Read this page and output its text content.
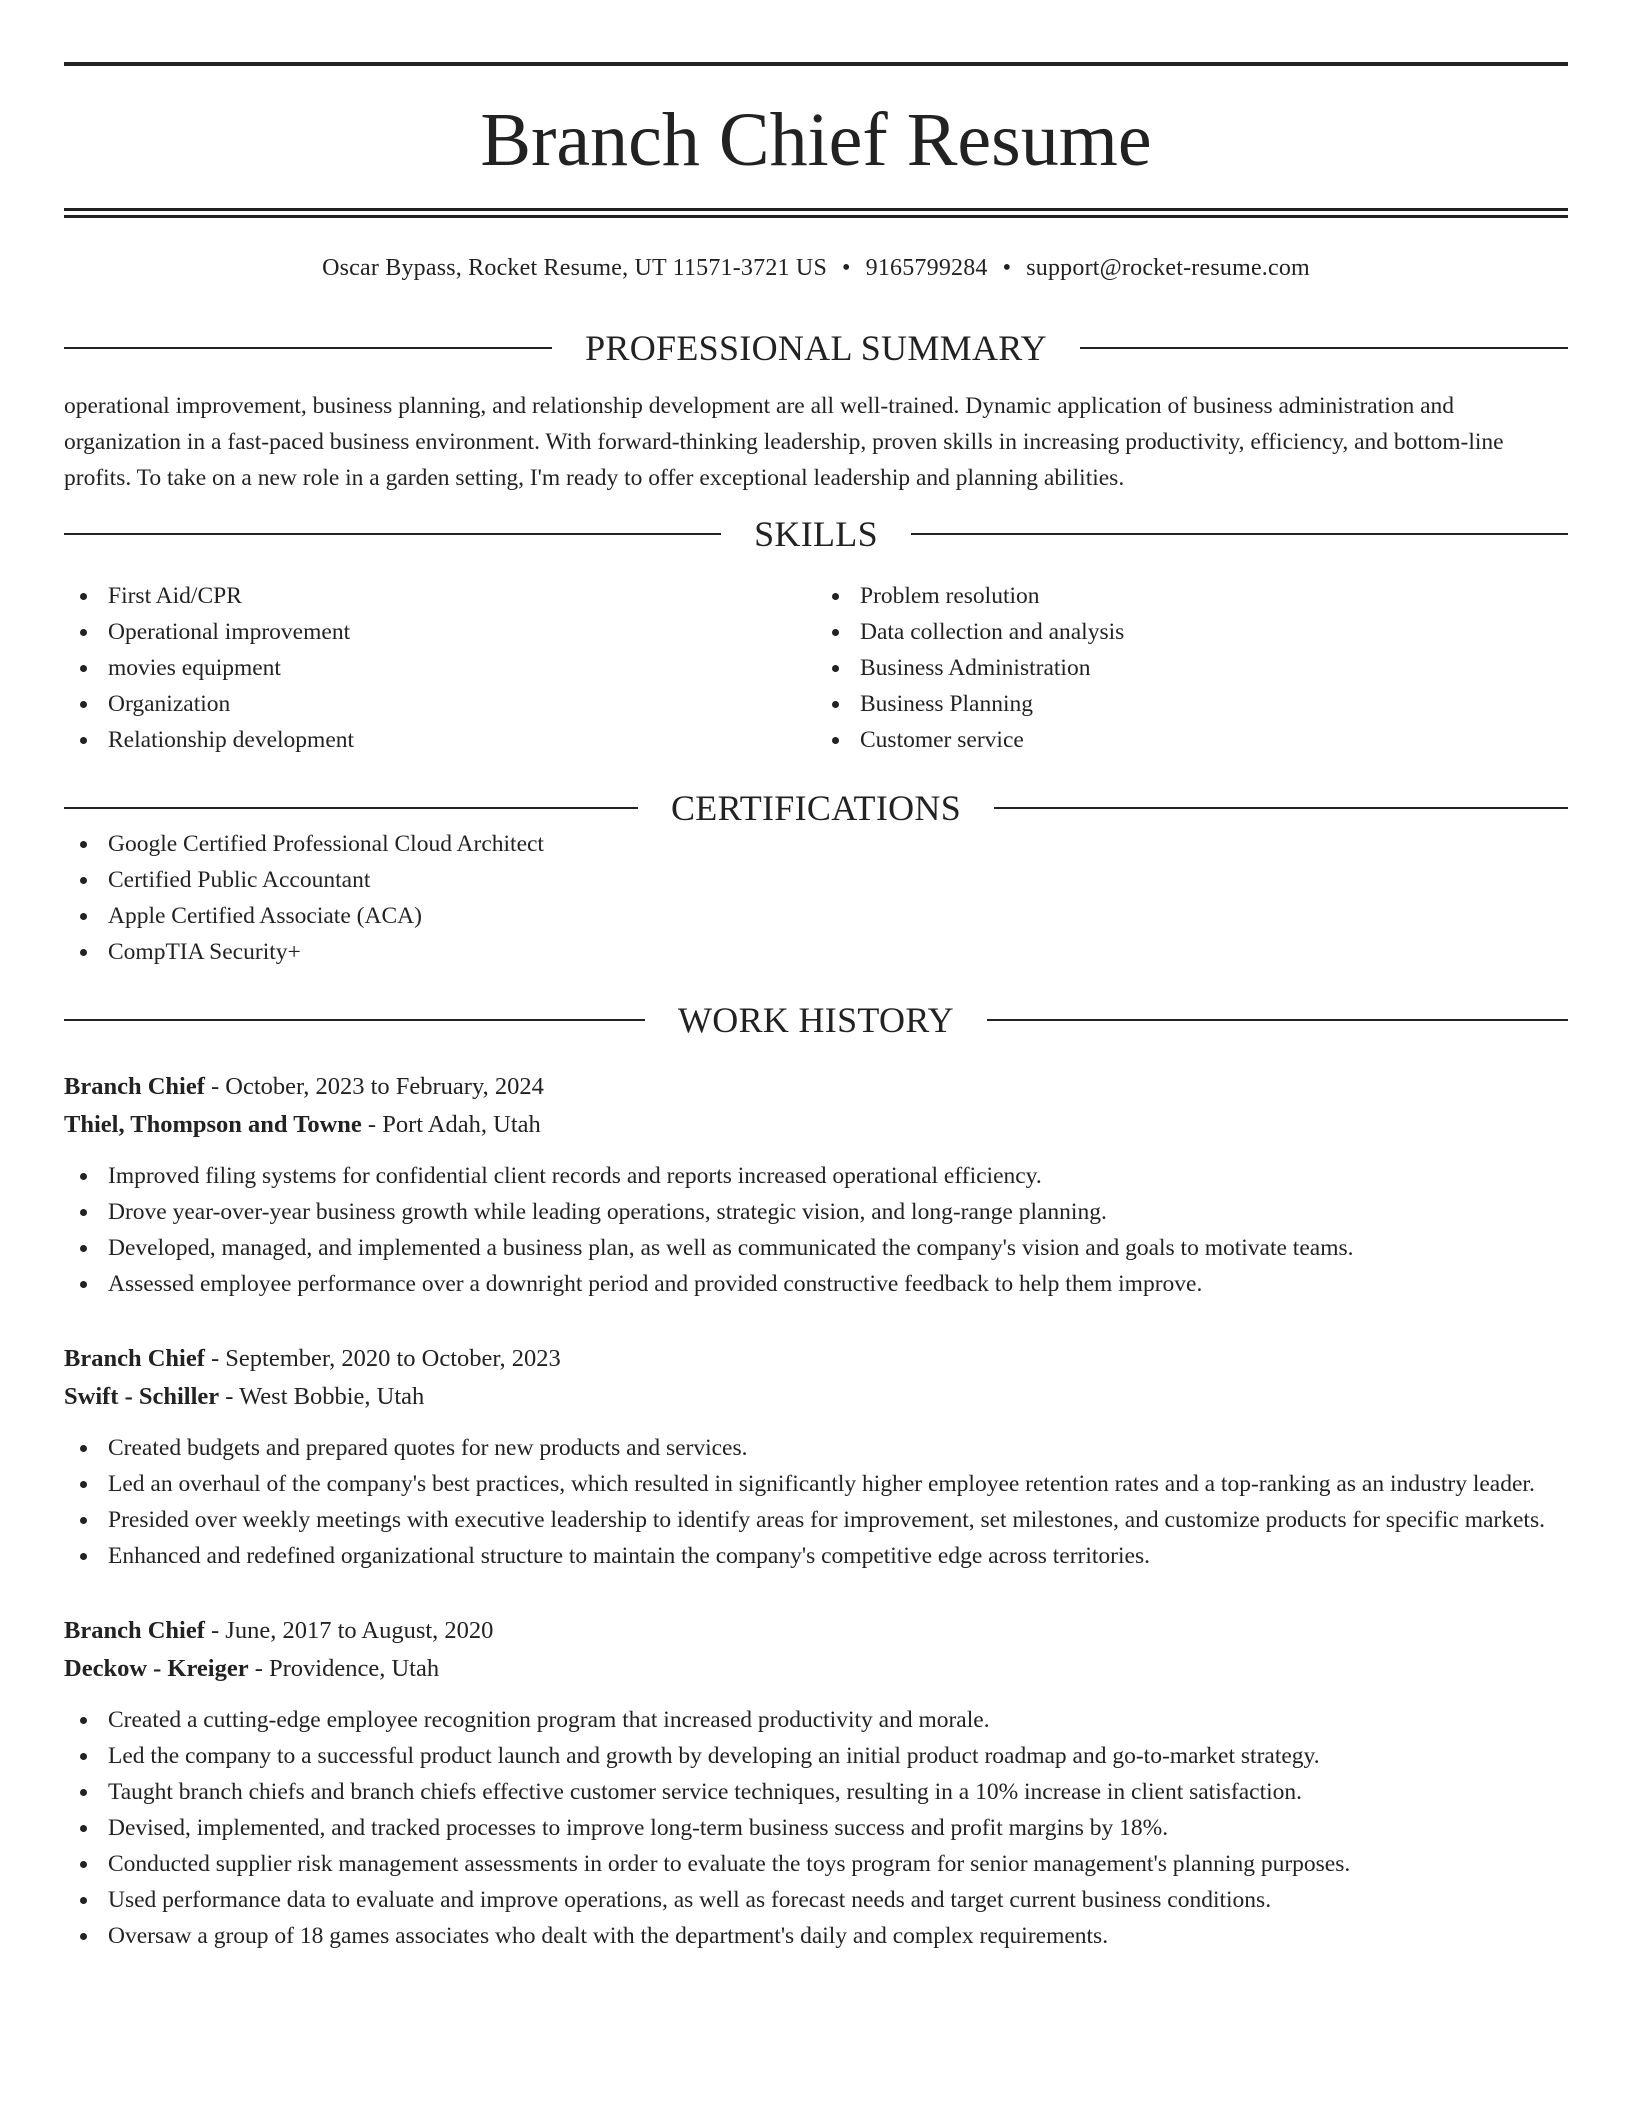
Branch Chief Resume
Oscar Bypass, Rocket Resume, UT 11571-3721 US • 9165799284 • support@rocket-resume.com
PROFESSIONAL SUMMARY

operational improvement, business planning, and relationship development are all well-trained. Dynamic application of business administration and organization in a fast-paced business environment. With forward-thinking leadership, proven skills in increasing productivity, efficiency, and bottom-line profits. To take on a new role in a garden setting, I'm ready to offer exceptional leadership and planning abilities.

SKILLS
First Aid/CPR
Operational improvement
movies equipment
Organization
Relationship development
Problem resolution
Data collection and analysis
Business Administration
Business Planning
Customer service
CERTIFICATIONS
Google Certified Professional Cloud Architect
Certified Public Accountant
Apple Certified Associate (ACA)
CompTIA Security+
WORK HISTORY
Branch Chief - October, 2023 to February, 2024
Thiel, Thompson and Towne - Port Adah, Utah
Improved filing systems for confidential client records and reports increased operational efficiency.
Drove year-over-year business growth while leading operations, strategic vision, and long-range planning.
Developed, managed, and implemented a business plan, as well as communicated the company's vision and goals to motivate teams.
Assessed employee performance over a downright period and provided constructive feedback to help them improve.
Branch Chief - September, 2020 to October, 2023
Swift - Schiller - West Bobbie, Utah
Created budgets and prepared quotes for new products and services.
Led an overhaul of the company's best practices, which resulted in significantly higher employee retention rates and a top-ranking as an industry leader.
Presided over weekly meetings with executive leadership to identify areas for improvement, set milestones, and customize products for specific markets.
Enhanced and redefined organizational structure to maintain the company's competitive edge across territories.
Branch Chief - June, 2017 to August, 2020
Deckow - Kreiger - Providence, Utah
Created a cutting-edge employee recognition program that increased productivity and morale.
Led the company to a successful product launch and growth by developing an initial product roadmap and go-to-market strategy.
Taught branch chiefs and branch chiefs effective customer service techniques, resulting in a 10% increase in client satisfaction.
Devised, implemented, and tracked processes to improve long-term business success and profit margins by 18%.
Conducted supplier risk management assessments in order to evaluate the toys program for senior management's planning purposes.
Used performance data to evaluate and improve operations, as well as forecast needs and target current business conditions.
Oversaw a group of 18 games associates who dealt with the department's daily and complex requirements.
